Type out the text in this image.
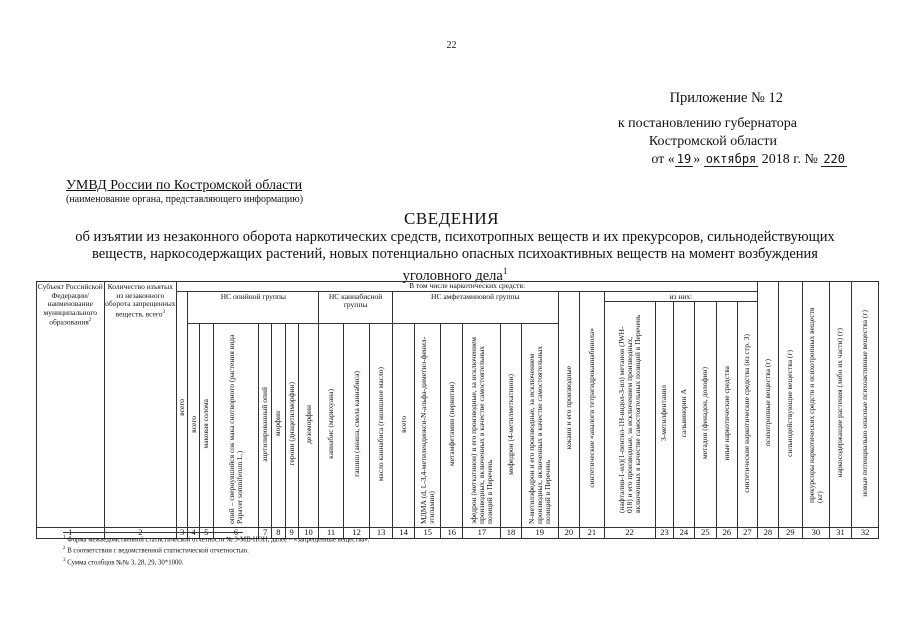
22
Приложение № 12
к постановлению губернатора
Костромской области
от « 19 » октября 2018 г. № 220
УМВД России по Костромской области
(наименование органа, представляющего информацию)
СВЕДЕНИЯ
об изъятии из незаконного оборота наркотических средств, психотропных веществ и их прекурсоров, сильнодействующих веществ, наркосодержащих растений, новых потенциально опасных психоактивных веществ на момент возбуждения уголовного дела$^1$
Субъект Российской Федерации/ наименование муниципального образования$^2$	Количество изъятых из незаконного оборота запрещенных веществ, всего$^3$	В том числе наркотических средств:																									психотропные вещества (г)	сильнодействующие вещества (г)	прекурсоры наркотических средств и психотропных веществ (кг)	наркосодержащие растения (либо их части) (г)	новые потенциально опасные психоактивные вещества (г)
		всего	НС опийной группы							НС каннабисной группы			НС амфетаминовой группы						кокаин и его производные	синтетические «аналоги тетрагидроканнабинола»	из них:										
																					(нафталин-1-ил)(1-пентил-1Н-индол-3-ил) метанон (JWH-018) и его производные, за исключением производных, включенных в качестве самостоятельных позиций в Перечень	3-метилфентанил	сальвинорин А	метадон (фенадон, долофин)	иные наркотические средства	синтетические наркотические средства (из стр. 3)					
			всего	маковая солома	опий – свернувшийся сок мака снотворного (растения вида Papaver somniferum L.)	ацетилированный опий	морфин	героин (диацетилморфин)	дезоморфин	каннабис (марихуана)	гашиш (анаша, смола каннабиса)	масло каннабиса (гашишное масло)	всего	МДМА (d, L-3,4-метилендиокси-N-альфа-диметил-фенил-этиламин)	метамфетамин (первитин)	эфедрон (меткатинон) и его производные, за исключением производных, включенных в качестве самостоятельных позиций в Перечень	мефедрон (4-метилметкатинон)	N-метилэфедрон и его производные, за исключением производных, включенных в качестве самостоятельных позиций в Перечень													
1	2	3	4	5	6	7	8	9	10	11	12	13	14	15	16	17	18	19	20	21	22	23	24	25	26	27	28	29	30	31	32
$^1$ Форма межведомственной статистической отчетности № 3-МВ-НОН, далее – «запрещенные вещества».
$^2$ В соответствии с ведомственной статистической отчетностью.
$^3$ Сумма столбцов №№ 3, 28, 29, 30*1000.
